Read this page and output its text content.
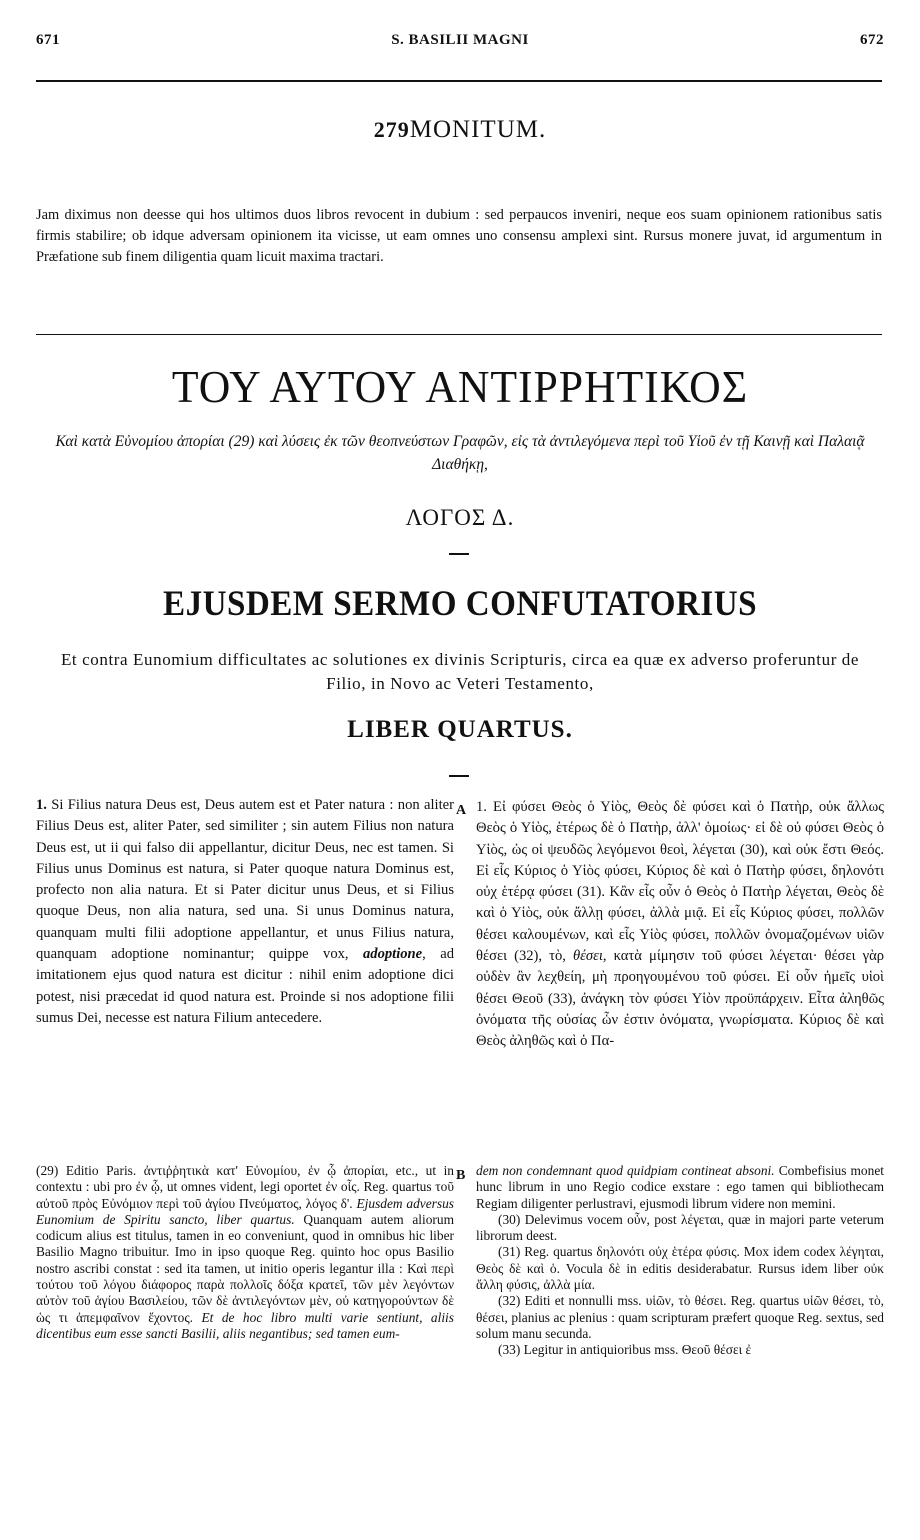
671	S. BASILII MAGNI	672
279MONITUM.

Jam diximus non deesse qui hos ultimos duos libros revocent in dubium : sed perpaucos inveniri, neque eos suam opinionem rationibus satis firmis stabilire; ob idque adversam opinionem ita vicisse, ut eam omnes uno consensu amplexi sint. Rursus monere juvat, id argumentum in Præfatione sub finem diligentia quam licuit maxima tractari.

ΤΟΥ ΑΥΤΟΥ ΑΝΤΙΡΡΗΤΙΚΟΣ
Καὶ κατὰ Εὐνομίου ἀπορίαι (29) καὶ λύσεις ἐκ τῶν θεοπνεύστων Γραφῶν, εἰς τὰ ἀντιλεγόμενα περὶ τοῦ Υἱοῦ ἐν τῇ Καινῇ καὶ Παλαιᾷ Διαθήκῃ,
ΛΟΓΟΣ Δ.
EJUSDEM SERMO CONFUTATORIUS
Et contra Eunomium difficultates ac solutiones ex divinis Scripturis, circa ea quæ ex adverso proferuntur de Filio, in Novo ac Veteri Testamento,
LIBER QUARTUS.
A
B

1. Si Filius natura Deus est, Deus autem est et Pater natura : non aliter Filius Deus est, aliter Pater, sed similiter ; sin autem Filius non natura Deus est, ut ii qui falso dii appellantur, dicitur Deus, nec est tamen. Si Filius unus Dominus est natura, si Pater quoque natura Dominus est, profecto non alia natura. Et si Pater dicitur unus Deus, et si Filius quoque Deus, non alia natura, sed una. Si unus Dominus natura, quanquam multi filii adoptione appellantur, et unus Filius natura, quanquam adoptione nominantur; quippe vox, adoptione, ad imitationem ejus quod natura est dicitur : nihil enim adoptione dici potest, nisi præcedat id quod natura est. Proinde si nos adoptione filii sumus Dei, necesse est natura Filium antecedere.

1. Εἰ φύσει Θεὸς ὁ Υἱὸς, Θεὸς δὲ φύσει καὶ ὁ Πατὴρ, οὐκ ἄλλως Θεὸς ὁ Υἱὸς, ἑτέρως δὲ ὁ Πατὴρ, ἀλλ' ὁμοίως· εἰ δὲ οὐ φύσει Θεὸς ὁ Υἱὸς, ὡς οἱ ψευδῶς λεγόμενοι θεοὶ, λέγεται (30), καὶ οὐκ ἔστι Θεός. Εἰ εἷς Κύριος ὁ Υἱὸς φύσει, Κύριος δὲ καὶ ὁ Πατὴρ φύσει, δηλονότι οὐχ ἑτέρᾳ φύσει (31). Κἂν εἷς οὖν ὁ Θεὸς ὁ Πατὴρ λέγεται, Θεὸς δὲ καὶ ὁ Υἱὸς, οὐκ ἄλλῃ φύσει, ἀλλὰ μιᾷ. Εἰ εἷς Κύριος φύσει, πολλῶν θέσει καλουμένων, καὶ εἷς Υἱὸς φύσει, πολλῶν ὀνομαζομένων υἱῶν θέσει (32), τὸ, θέσει, κατὰ μίμησιν τοῦ φύσει λέγεται· θέσει γὰρ οὐδὲν ἂν λεχθείη, μὴ προηγουμένου τοῦ φύσει. Εἰ οὖν ἡμεῖς υἱοὶ θέσει Θεοῦ (33), ἀνάγκη τὸν φύσει Υἱὸν προϋπάρχειν. Εἶτα ἀληθῶς ὀνόματα τῆς οὐσίας ὧν ἐστιν ὀνόματα, γνωρίσματα. Κύριος δὲ καὶ Θεὸς ἀληθῶς καὶ ὁ Πα-

(29) Editio Paris. ἀντιῤῥητικὰ κατ' Εὐνομίου, ἐν ᾧ ἀπορίαι, etc., ut in contextu : ubi pro ἐν ᾧ, ut omnes vident, legi oportet ἐν οἷς. Reg. quartus τοῦ αὐτοῦ πρὸς Εὐνόμιον περὶ τοῦ ἁγίου Πνεύματος, λόγος δ'. Ejusdem adversus Eunomium de Spiritu sancto, liber quartus. Quanquam autem aliorum codicum alius est titulus, tamen in eo conveniunt, quod in omnibus hic liber Basilio Magno tribuitur. Imo in ipso quoque Reg. quinto hoc opus Basilio nostro ascribi constat : sed ita tamen, ut initio operis legantur illa : Καὶ περὶ τούτου τοῦ λόγου διάφορος παρὰ πολλοῖς δόξα κρατεῖ, τῶν μὲν λεγόντων αὐτὸν τοῦ ἁγίου Βασιλείου, τῶν δὲ ἀντιλεγόντων μὲν, οὐ κατηγορούντων δὲ ὡς τι ἀπεμφαῖνον ἔχοντος. Et de hoc libro multi varie sentiunt, aliis dicentibus eum esse sancti Basilii, aliis negantibus; sed tamen eum-

dem non condemnant quod quidpiam contineat absoni. Combefisius monet hunc librum in uno Regio codice exstare : ego tamen qui bibliothecam Regiam diligenter perlustravi, ejusmodi librum videre non memini.

(30) Delevimus vocem οὖν, post λέγεται, quæ in majori parte veterum librorum deest.

(31) Reg. quartus δηλονότι οὐχ ἑτέρα φύσις. Mox idem codex λέγηται, Θεὸς δὲ καὶ ὁ. Vocula δὲ in editis desiderabatur. Rursus idem liber οὐκ ἄλλη φύσις, ἀλλὰ μία.

(32) Editi et nonnulli mss. υἱῶν, τὸ θέσει. Reg. quartus υἱῶν θέσει, τὸ, θέσει, planius ac plenius : quam scripturam præfert quoque Reg. sextus, sed solum manu secunda.

(33) Legitur in antiquioribus mss. Θεοῦ θέσει ἐ
